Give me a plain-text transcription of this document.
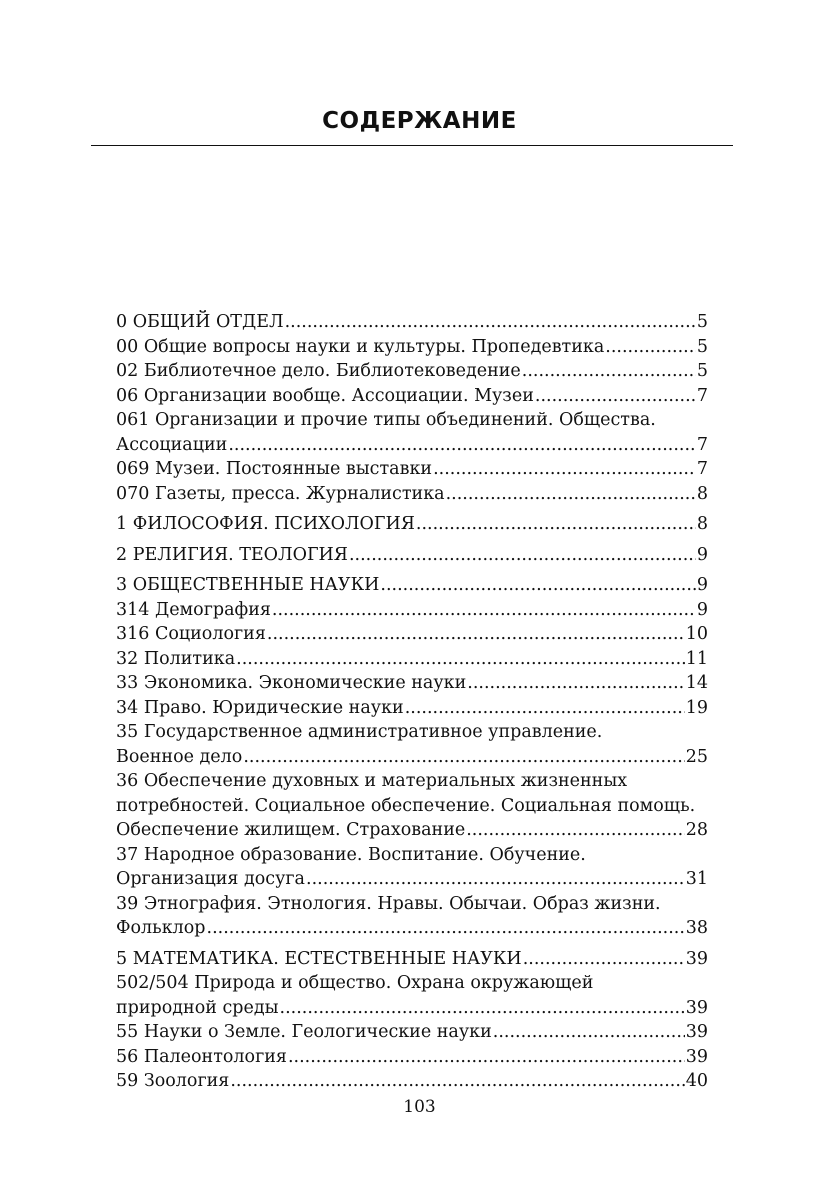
СОДЕРЖАНИЕ
0 ОБЩИЙ ОТДЕЛ .....	5
00 Общие вопросы науки и культуры. Пропедевтика .....	5
02 Библиотечное дело. Библиотековедение .....	5
06 Организации вообще. Ассоциации. Музеи .....	7
061 Организации и прочие типы объединений. Общества.
Ассоциации .....	7
069 Музеи. Постоянные выставки .....	7
070 Газеты, пресса. Журналистика .....	8
1 ФИЛОСОФИЯ. ПСИХОЛОГИЯ .....	8
2 РЕЛИГИЯ. ТЕОЛОГИЯ .....	9
3 ОБЩЕСТВЕННЫЕ НАУКИ .....	9
314 Демография .....	9
316 Социология .....	10
32 Политика .....	11
33 Экономика. Экономические науки .....	14
34 Право. Юридические науки .....	19
35 Государственное административное управление.
Военное дело .....	25
36 Обеспечение духовных и материальных жизненных
потребностей. Социальное обеспечение. Социальная помощь.
Обеспечение жилищем. Страхование .....	28
37 Народное образование. Воспитание. Обучение.
Организация досуга .....	31
39 Этнография. Этнология. Нравы. Обычаи. Образ жизни.
Фольклор .....	38
5 МАТЕМАТИКА. ЕСТЕСТВЕННЫЕ НАУКИ .....	39
502/504 Природа и общество. Охрана окружающей
природной среды .....	39
55 Науки о Земле. Геологические науки .....	39
56 Палеонтология .....	39
59 Зоология .....	40
103
